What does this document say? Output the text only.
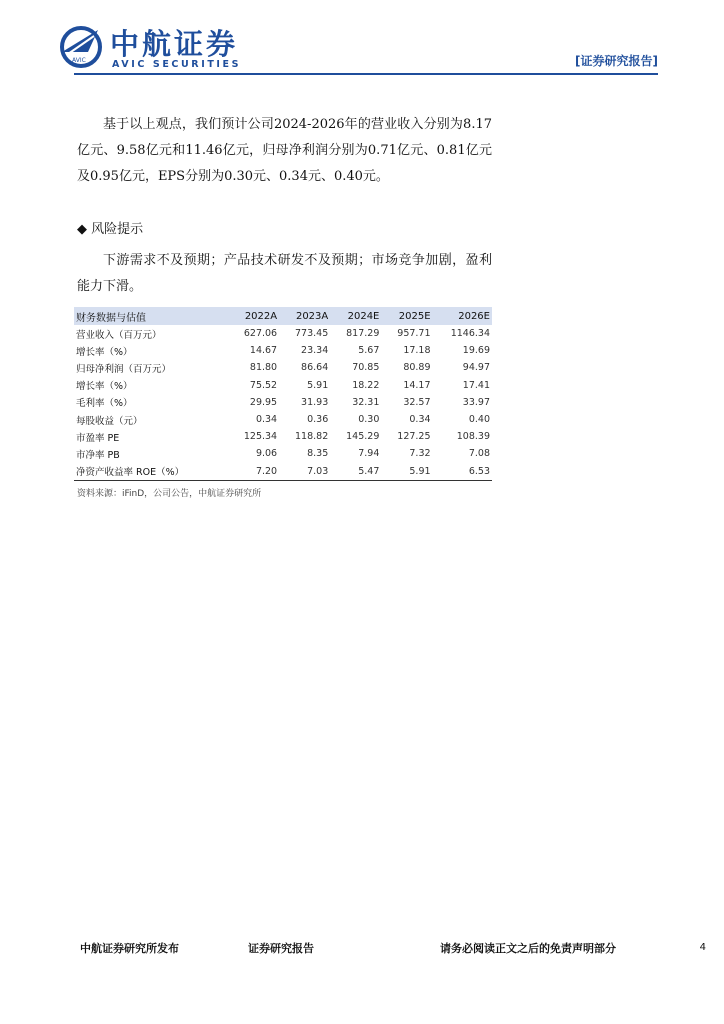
AVIC 中航证券
AVIC SECURITIES	[证券研究报告]

基于以上观点，我们预计公司2024-2026年的营业收入分别为8.17亿元、9.58亿元和11.46亿元，归母净利润分别为0.71亿元、0.81亿元及0.95亿元，EPS分别为0.30元、0.34元、0.40元。

◆ 风险提示

下游需求不及预期；产品技术研发不及预期；市场竞争加剧，盈利能力下滑。

财务数据与估值	2022A	2023A	2024E	2025E	2026E
营业收入（百万元）	627.06	773.45	817.29	957.71	1146.34
增长率（%）	14.67	23.34	5.67	17.18	19.69
归母净利润（百万元）	81.80	86.64	70.85	80.89	94.97
增长率（%）	75.52	5.91	18.22	14.17	17.41
毛利率（%）	29.95	31.93	32.31	32.57	33.97
每股收益（元）	0.34	0.36	0.30	0.34	0.40
市盈率 PE	125.34	118.82	145.29	127.25	108.39
市净率 PB	9.06	8.35	7.94	7.32	7.08
净资产收益率 ROE（%）	7.20	7.03	5.47	5.91	6.53
资料来源：iFinD，公司公告，中航证券研究所
中航证券研究所发布	证券研究报告	请务必阅读正文之后的免责声明部分	4
